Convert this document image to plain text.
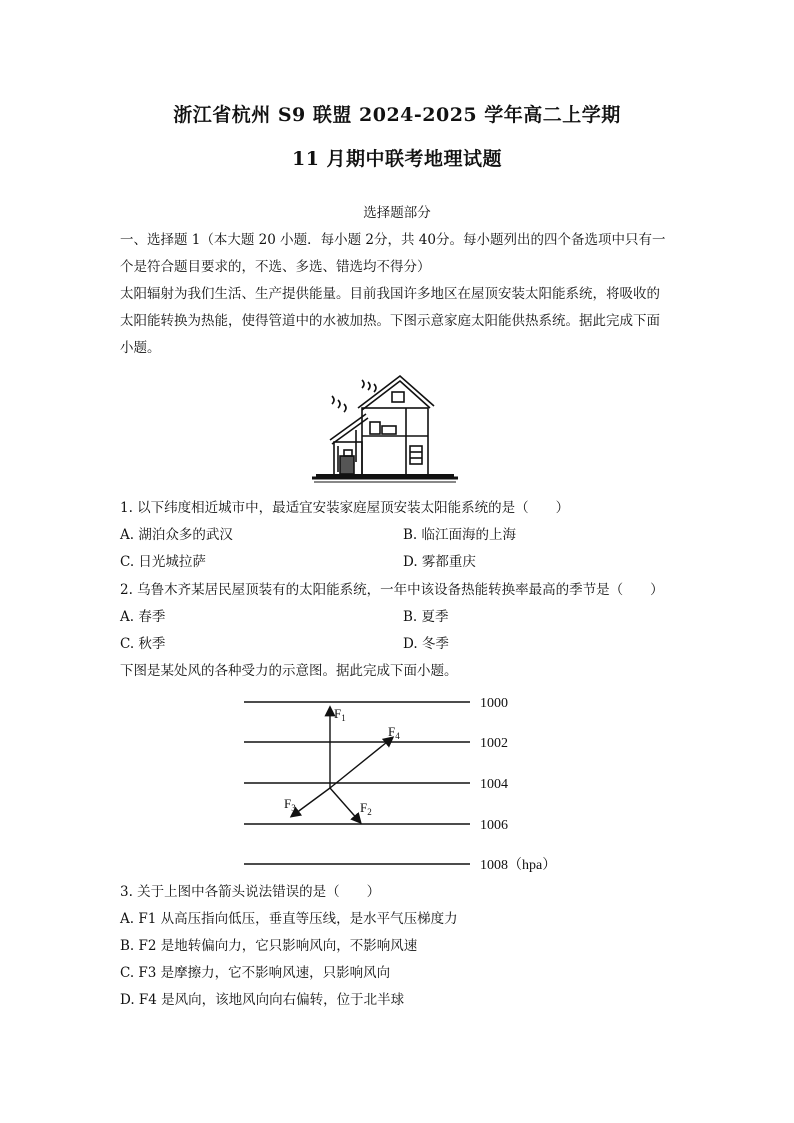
浙江省杭州 S9 联盟 2024-2025 学年高二上学期
11 月期中联考地理试题
选择题部分
一、选择题 1（本大题 20 小题．每小题 2分，共 40分。每小题列出的四个备选项中只有一
个是符合题目要求的，不选、多选、错选均不得分）
太阳辐射为我们生活、生产提供能量。目前我国许多地区在屋顶安装太阳能系统，将吸收的
太阳能转换为热能，使得管道中的水被加热。下图示意家庭太阳能供热系统。据此完成下面
小题。
1. 以下纬度相近城市中，最适宜安装家庭屋顶安装太阳能系统的是（　　）
A. 湖泊众多的武汉	B. 临江面海的上海
C. 日光城拉萨	D. 雾都重庆
2. 乌鲁木齐某居民屋顶装有的太阳能系统，一年中该设备热能转换率最高的季节是（　　）
A. 春季	B. 夏季
C. 秋季	D. 冬季
下图是某处风的各种受力的示意图。据此完成下面小题。
1000
1002
1004
1006
1008（hpa）
$F_1$
$F_4$
$F_3$	$F_2$
3. 关于上图中各箭头说法错误的是（　　）
A. F1 从高压指向低压，垂直等压线，是水平气压梯度力
B. F2 是地转偏向力，它只影响风向，不影响风速
C. F3 是摩擦力，它不影响风速，只影响风向
D. F4 是风向，该地风向向右偏转，位于北半球
